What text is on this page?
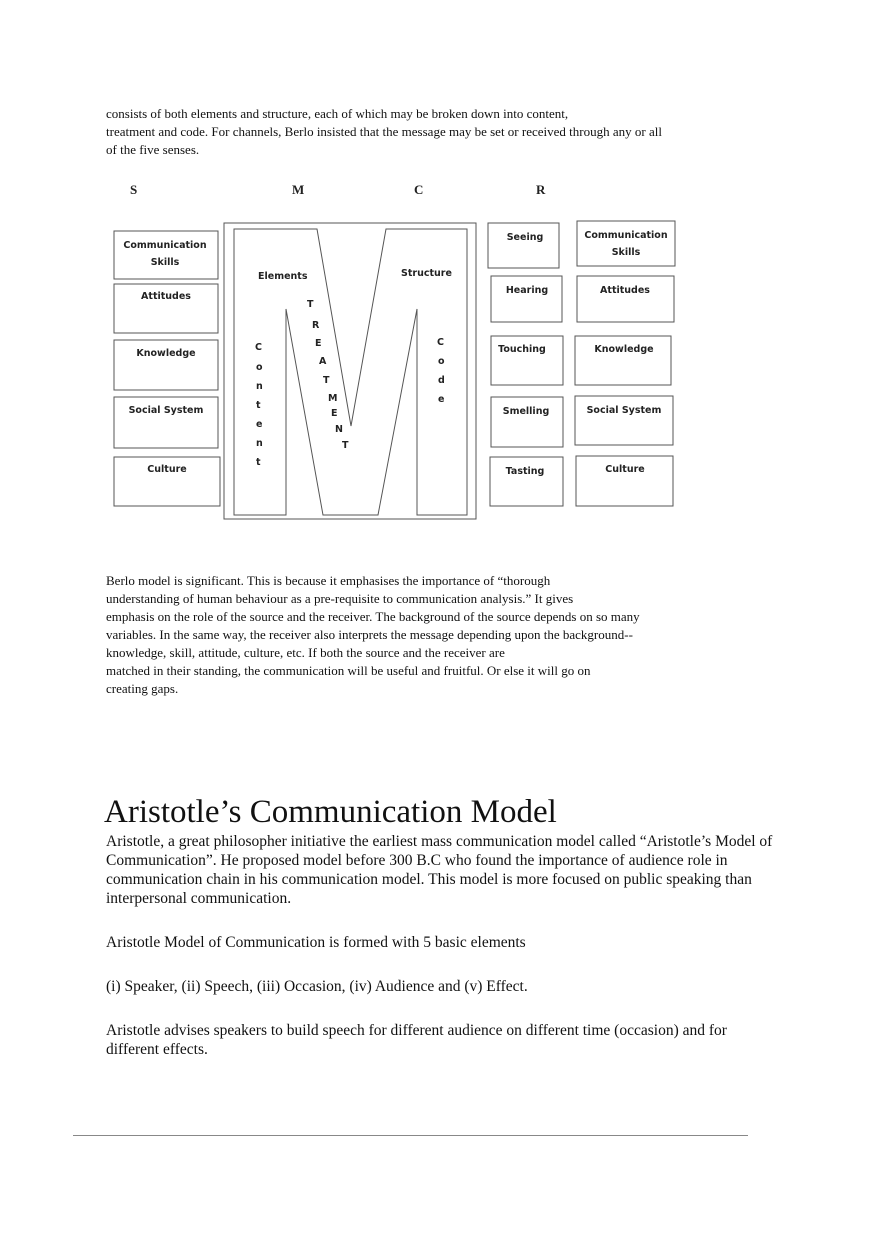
consists of both elements and structure, each of which may be broken down into content,
treatment and code. For channels, Berlo insisted that the message may be set or received through any or all
of the five senses.
S	M	C	R
Communication
Skills
Attitudes
Knowledge
Social System
Culture
Elements	Structure
C
o
n
t
e
n
t
T
R
E
A
T
M
E
N
T
C
o
d
e
Seeing
Hearing
Touching
Smelling
Tasting
Communication
Skills
Attitudes
Knowledge
Social System
Culture
Berlo model is significant. This is because it emphasises the importance of “thorough
understanding of human behaviour as a pre-requisite to communication analysis.” It gives
emphasis on the role of the source and the receiver. The background of the source depends on so many
variables. In the same way, the receiver also interprets the message depending upon the background--
knowledge, skill, attitude, culture, etc. If both the source and the receiver are
matched in their standing, the communication will be useful and fruitful. Or else it will go on
creating gaps.
Aristotle’s Communication Model

Aristotle, a great philosopher initiative the earliest mass communication model called “Aristotle’s Model of Communication”. He proposed model before 300 B.C who found the importance of audience role in communication chain in his communication model. This model is more focused on public speaking than interpersonal communication.

Aristotle Model of Communication is formed with 5 basic elements

(i) Speaker, (ii) Speech, (iii) Occasion, (iv) Audience and (v) Effect.

Aristotle advises speakers to build speech for different audience on different time (occasion) and for different effects.
